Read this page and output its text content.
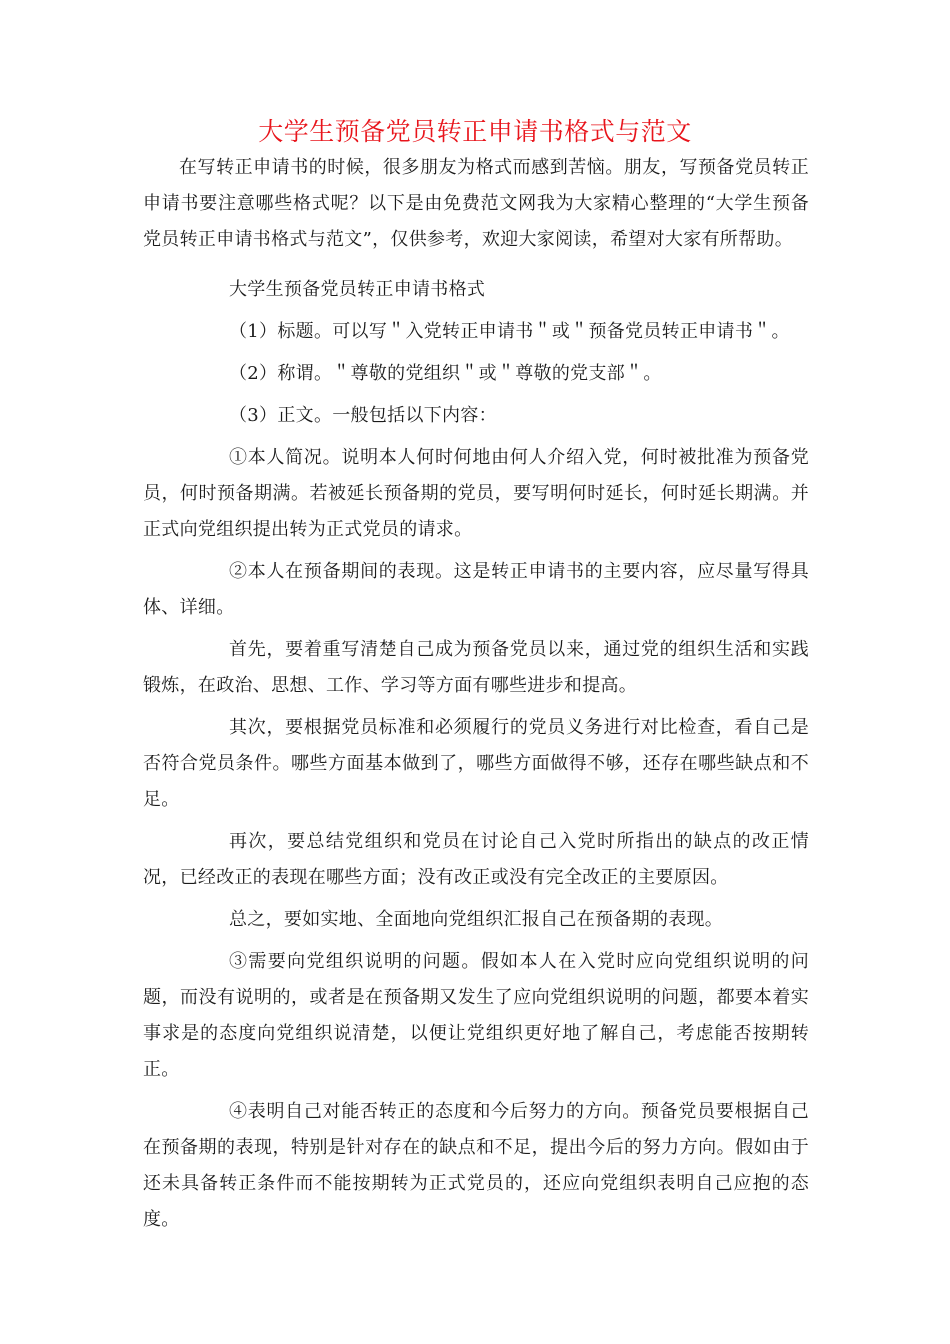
大学生预备党员转正申请书格式与范文

在写转正申请书的时候，很多朋友为格式而感到苦恼。朋友，写预备党员转正申请书要注意哪些格式呢？以下是由免费范文网我为大家精心整理的“大学生预备党员转正申请书格式与范文”，仅供参考，欢迎大家阅读，希望对大家有所帮助。

大学生预备党员转正申请书格式

（1）标题。可以写＂入党转正申请书＂或＂预备党员转正申请书＂。

（2）称谓。＂尊敬的党组织＂或＂尊敬的党支部＂。

（3）正文。一般包括以下内容：

①本人简况。说明本人何时何地由何人介绍入党，何时被批准为预备党员，何时预备期满。若被延长预备期的党员，要写明何时延长，何时延长期满。并正式向党组织提出转为正式党员的请求。

②本人在预备期间的表现。这是转正申请书的主要内容，应尽量写得具体、详细。

首先，要着重写清楚自己成为预备党员以来，通过党的组织生活和实践锻炼，在政治、思想、工作、学习等方面有哪些进步和提高。

其次，要根据党员标准和必须履行的党员义务进行对比检查，看自己是否符合党员条件。哪些方面基本做到了，哪些方面做得不够，还存在哪些缺点和不足。

再次，要总结党组织和党员在讨论自己入党时所指出的缺点的改正情况，已经改正的表现在哪些方面；没有改正或没有完全改正的主要原因。

总之，要如实地、全面地向党组织汇报自己在预备期的表现。

③需要向党组织说明的问题。假如本人在入党时应向党组织说明的问题，而没有说明的，或者是在预备期又发生了应向党组织说明的问题，都要本着实事求是的态度向党组织说清楚，以便让党组织更好地了解自己，考虑能否按期转正。

④表明自己对能否转正的态度和今后努力的方向。预备党员要根据自己在预备期的表现，特别是针对存在的缺点和不足，提出今后的努力方向。假如由于还未具备转正条件而不能按期转为正式党员的，还应向党组织表明自己应抱的态度。
